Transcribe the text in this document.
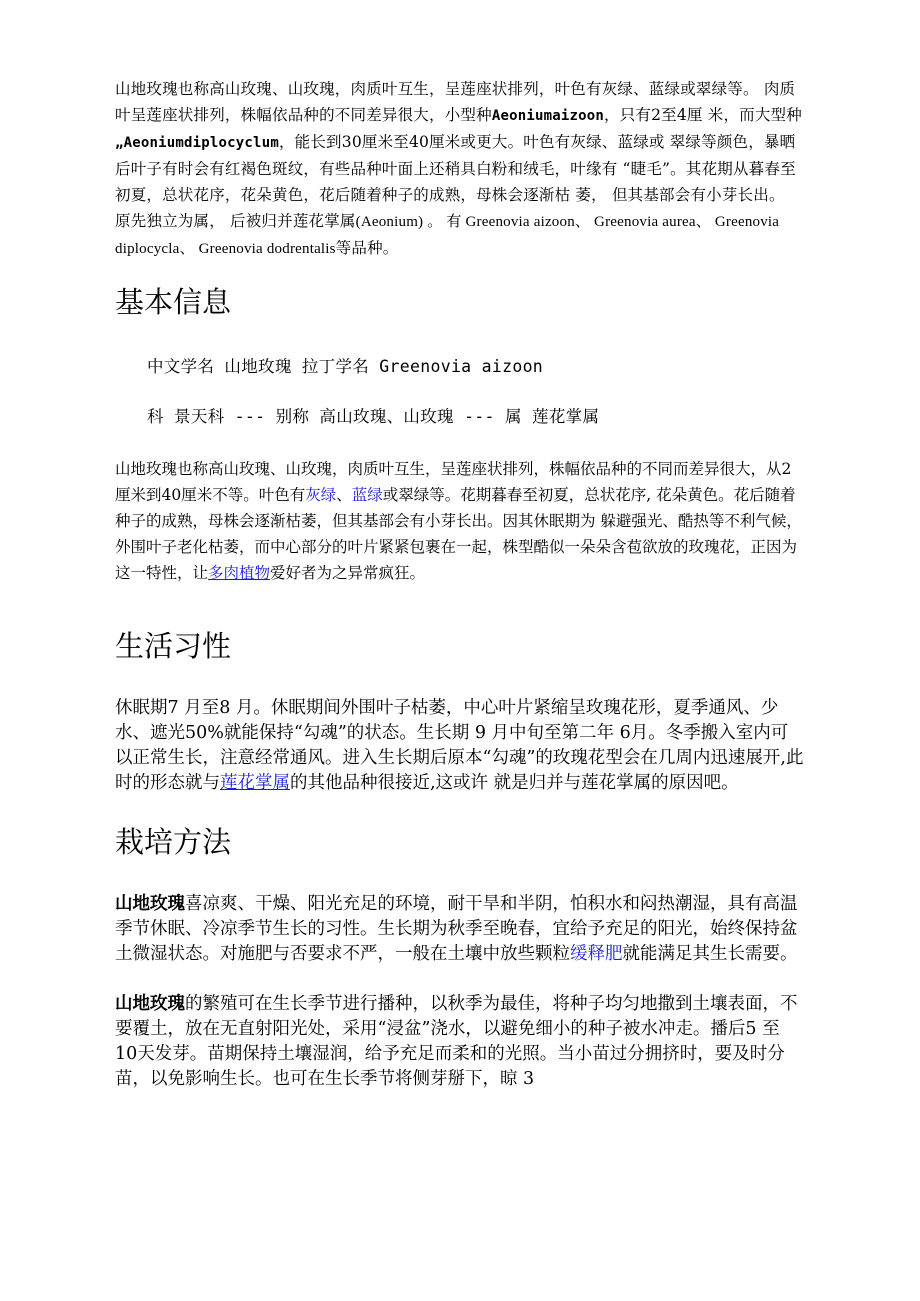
山地玫瑰也称高山玫瑰、山玫瑰，肉质叶互生，呈莲座状排列，叶色有灰绿、蓝绿或翠绿等。 肉质叶呈莲座状排列，株幅依品种的不同差异很大，小型种Aeoniumaizoon，只有2至4厘 米，而大型种„Aeoniumdiplocyclum，能长到30厘米至40厘米或更大。叶色有灰绿、蓝绿或 翠绿等颜色，暴晒后叶子有时会有红褐色斑纹，有些品种叶面上还稍具白粉和绒毛，叶缘有 “睫毛”。其花期从暮春至初夏，总状花序，花朵黄色，花后随着种子的成熟，母株会逐渐枯 萎， 但其基部会有小芽长出。 原先独立为属， 后被归并莲花掌属(Aeonium) 。 有 Greenovia aizoon、 Greenovia aurea、 Greenovia diplocycla、 Greenovia dodrentalis等品种。

基本信息

中文学名 山地玫瑰 拉丁学名 Greenovia aizoon

科 景天科 --- 别称 高山玫瑰、山玫瑰 --- 属 莲花掌属

山地玫瑰也称高山玫瑰、山玫瑰，肉质叶互生，呈莲座状排列，株幅依品种的不同而差异很大，从2厘米到40厘米不等。叶色有灰绿、蓝绿或翠绿等。花期暮春至初夏，总状花序, 花朵黄色。花后随着种子的成熟，母株会逐渐枯萎，但其基部会有小芽长出。因其休眠期为 躲避强光、酷热等不利气候，外围叶子老化枯萎，而中心部分的叶片紧紧包裹在一起，株型酷似一朵朵含苞欲放的玫瑰花，正因为这一特性，让多肉植物爱好者为之异常疯狂。

生活习性

休眠期7 月至8 月。休眠期间外围叶子枯萎，中心叶片紧缩呈玫瑰花形，夏季通风、少水、遮光50%就能保持“勾魂”的状态。生长期 9 月中旬至第二年 6月。冬季搬入室内可以正常生长，注意经常通风。进入生长期后原本“勾魂”的玫瑰花型会在几周内迅速展开,此时的形态就与莲花掌属的其他品种很接近,这或许 就是归并与莲花掌属的原因吧。

栽培方法

山地玫瑰喜凉爽、干燥、阳光充足的环境，耐干旱和半阴，怕积水和闷热潮湿，具有高温季节休眠、冷凉季节生长的习性。生长期为秋季至晚春，宜给予充足的阳光，始终保持盆土微湿状态。对施肥与否要求不严，一般在土壤中放些颗粒缓释肥就能满足其生长需要。

山地玫瑰的繁殖可在生长季节进行播种，以秋季为最佳，将种子均匀地撒到土壤表面，不要覆土，放在无直射阳光处，采用“浸盆”浇水，以避免细小的种子被水冲走。播后5 至 10天发芽。苗期保持土壤湿润，给予充足而柔和的光照。当小苗过分拥挤时，要及时分苗，以免影响生长。也可在生长季节将侧芽掰下，晾 3
